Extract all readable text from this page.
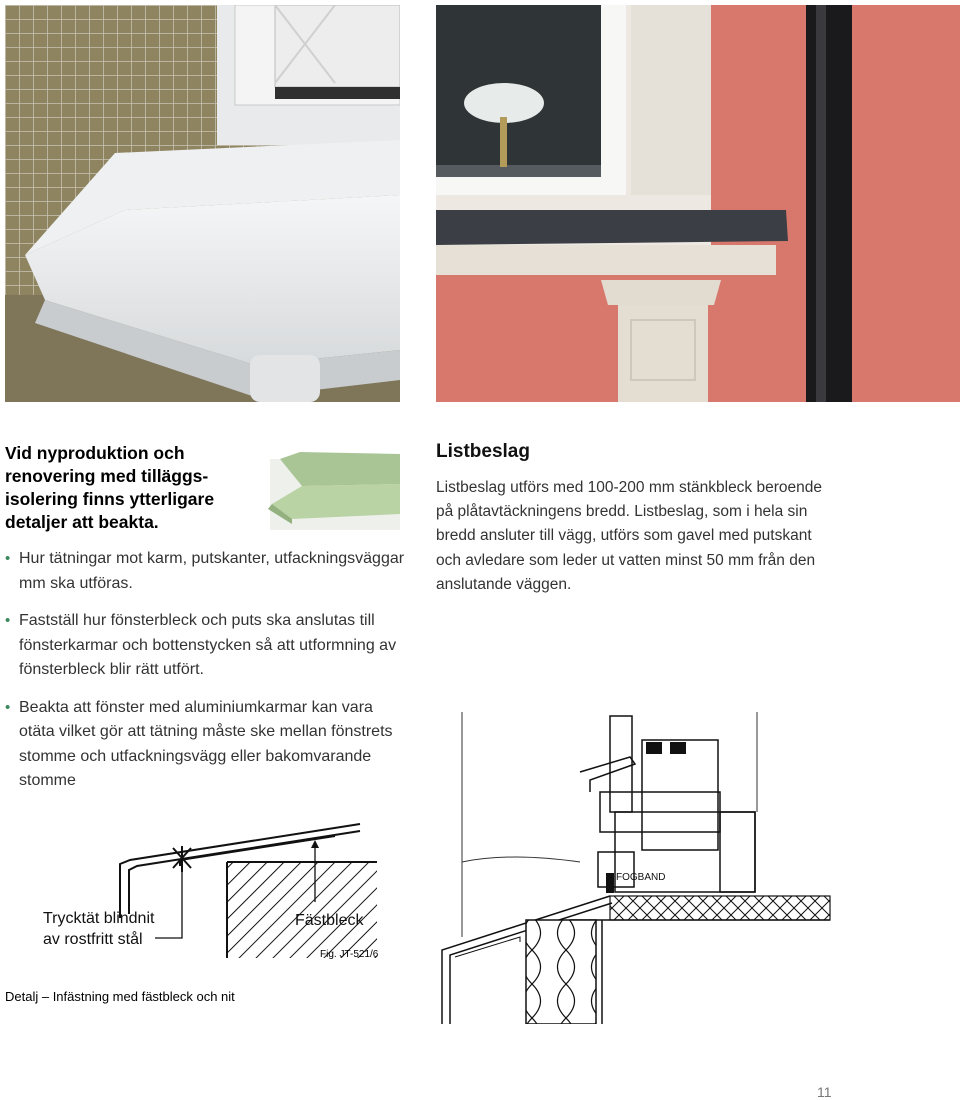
Vid nyproduktion och renovering med tilläggsisolering finns ytterligare detaljer att beakta.
• Hur tätningar mot karm, putskanter, utfackningsväggar mm ska utföras.
• Fastställ hur fönsterbleck och puts ska anslutas till fönsterkarmar och bottenstycken så att utformning av fönsterbleck blir rätt utfört.
• Beakta att fönster med aluminiumkarmar kan vara otäta vilket gör att tätning måste ske mellan fönstrets stomme och utfackningsvägg eller bakomvarande stomme
Listbeslag

Listbeslag utförs med 100-200 mm stänkbleck beroende på plåtavtäckningens bredd. Listbeslag, som i hela sin bredd ansluter till vägg, utförs som gavel med putskant och avledare som leder ut vatten minst 50 mm från den anslutande väggen.

Trycktät blindnit
av rostfritt stål
Fästbleck
Fig. JT-521/6
Detalj – Infästning med fästbleck och nit
FOGBAND
11
